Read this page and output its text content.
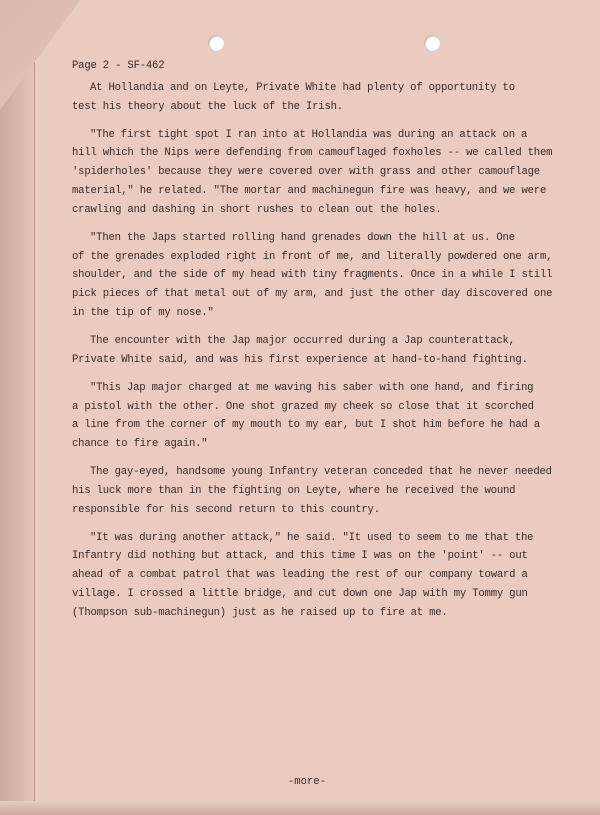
Page 2 - SF-462
At Hollandia and on Leyte, Private White had plenty of opportunity to
test his theory about the luck of the Irish.
"The first tight spot I ran into at Hollandia was during an attack on a
hill which the Nips were defending from camouflaged foxholes -- we called them
'spiderholes' because they were covered over with grass and other camouflage
material," he related. "The mortar and machinegun fire was heavy, and we were
crawling and dashing in short rushes to clean out the holes.
"Then the Japs started rolling hand grenades down the hill at us. One
of the grenades exploded right in front of me, and literally powdered one arm,
shoulder, and the side of my head with tiny fragments. Once in a while I still
pick pieces of that metal out of my arm, and just the other day discovered one
in the tip of my nose."
The encounter with the Jap major occurred during a Jap counterattack,
Private White said, and was his first experience at hand-to-hand fighting.
"This Jap major charged at me waving his saber with one hand, and firing
a pistol with the other. One shot grazed my cheek so close that it scorched
a line from the corner of my mouth to my ear, but I shot him before he had a
chance to fire again."
The gay-eyed, handsome young Infantry veteran conceded that he never needed
his luck more than in the fighting on Leyte, where he received the wound
responsible for his second return to this country.
"It was during another attack," he said. "It used to seem to me that the
Infantry did nothing but attack, and this time I was on the 'point' -- out
ahead of a combat patrol that was leading the rest of our company toward a
village. I crossed a little bridge, and cut down one Jap with my Tommy gun
(Thompson sub-machinegun) just as he raised up to fire at me.
-more-
